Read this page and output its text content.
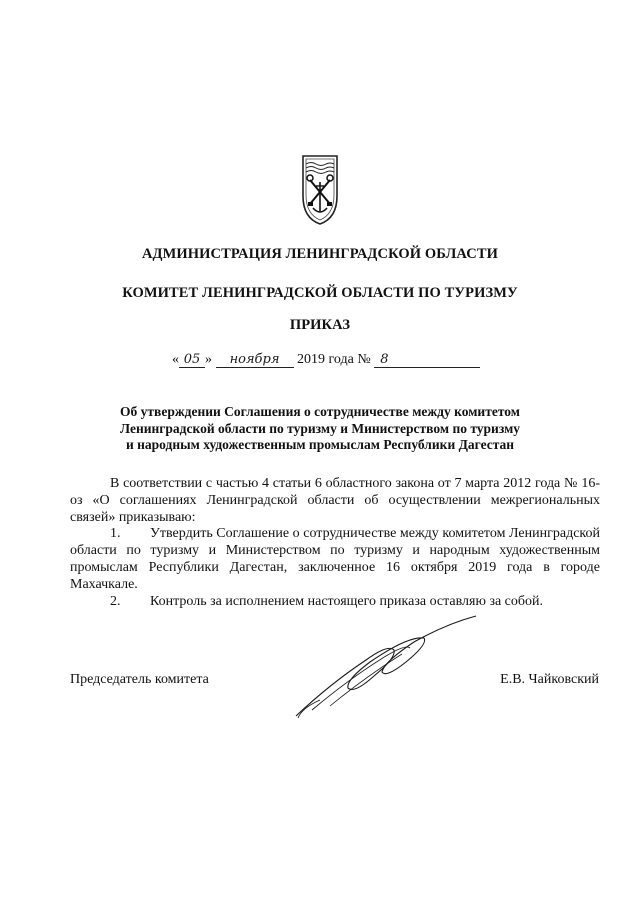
АДМИНИСТРАЦИЯ ЛЕНИНГРАДСКОЙ ОБЛАСТИ
КОМИТЕТ ЛЕНИНГРАДСКОЙ ОБЛАСТИ ПО ТУРИЗМУ
ПРИКАЗ
« 05 » ноября 2019 года № 8
Об утверждении Соглашения о сотрудничестве между комитетом
Ленинградской области по туризму и Министерством по туризму
и народным художественным промыслам Республики Дагестан

В соответствии с частью 4 статьи 6 областного закона от 7 марта 2012 года № 16-оз «О соглашениях Ленинградской области об осуществлении межрегиональных связей» приказываю:

1. Утвердить Соглашение о сотрудничестве между комитетом Ленинградской области по туризму и Министерством по туризму и народным художественным промыслам Республики Дагестан, заключенное 16 октября 2019 года в городе Махачкале.

2. Контроль за исполнением настоящего приказа оставляю за собой.

Председатель комитета	Е.В. Чайковский
